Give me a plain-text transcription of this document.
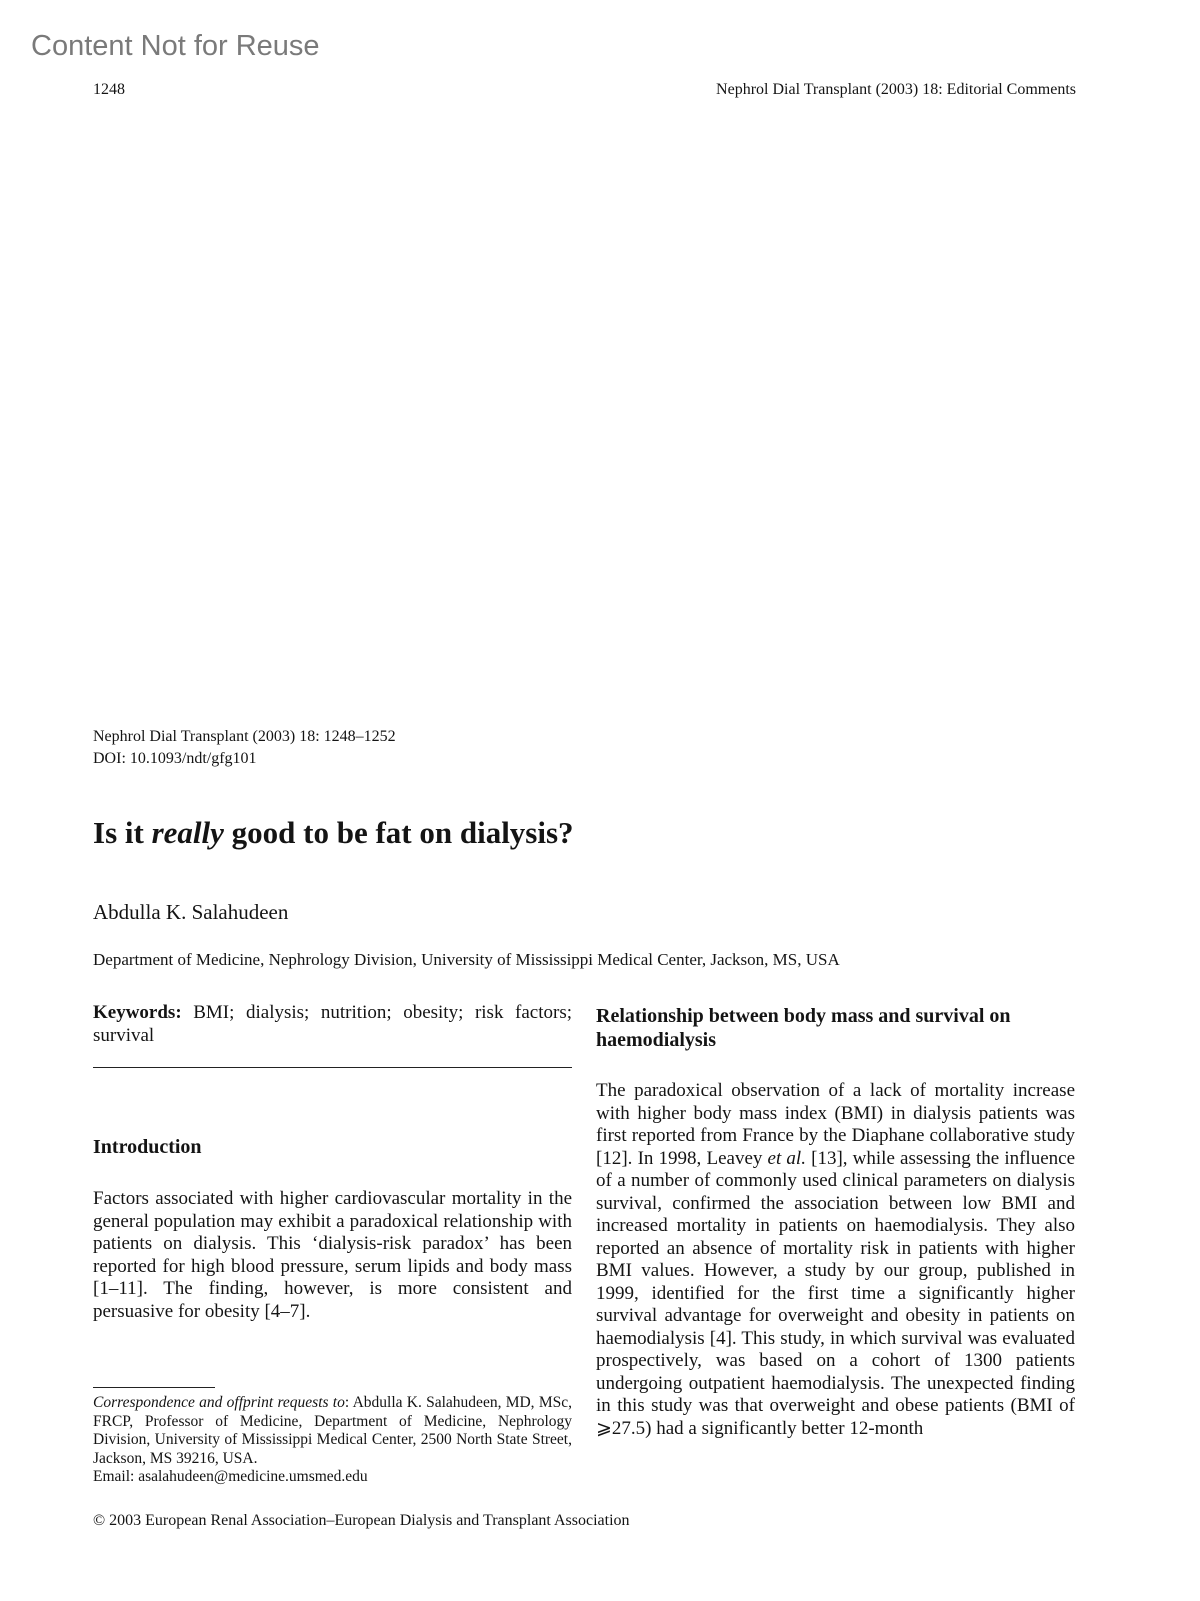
Content Not for Reuse
1248	Nephrol Dial Transplant (2003) 18: Editorial Comments
Nephrol Dial Transplant (2003) 18: 1248–1252
DOI: 10.1093/ndt/gfg101
Is it really good to be fat on dialysis?
Abdulla K. Salahudeen
Department of Medicine, Nephrology Division, University of Mississippi Medical Center, Jackson, MS, USA
Keywords: BMI; dialysis; nutrition; obesity; risk factors; survival
Introduction
Factors associated with higher cardiovascular mortality in the general population may exhibit a paradoxical relationship with patients on dialysis. This ‘dialysis-risk paradox’ has been reported for high blood pressure, serum lipids and body mass [1–11]. The finding, however, is more consistent and persuasive for obesity [4–7].
Correspondence and offprint requests to: Abdulla K. Salahudeen, MD, MSc, FRCP, Professor of Medicine, Department of Medicine, Nephrology Division, University of Mississippi Medical Center, 2500 North State Street, Jackson, MS 39216, USA.
Email: asalahudeen@medicine.umsmed.edu
© 2003 European Renal Association–European Dialysis and Transplant Association
Relationship between body mass and survival on haemodialysis
The paradoxical observation of a lack of mortality increase with higher body mass index (BMI) in dialysis patients was first reported from France by the Diaphane collaborative study [12]. In 1998, Leavey et al. [13], while assessing the influence of a number of commonly used clinical parameters on dialysis survival, confirmed the association between low BMI and increased mortality in patients on haemodialysis. They also reported an absence of mortality risk in patients with higher BMI values. However, a study by our group, published in 1999, identified for the first time a significantly higher survival advantage for overweight and obesity in patients on haemodialysis [4]. This study, in which survival was evaluated prospectively, was based on a cohort of 1300 patients undergoing outpatient haemodialysis. The unexpected finding in this study was that overweight and obese patients (BMI of ⩾27.5) had a significantly better 12-month
